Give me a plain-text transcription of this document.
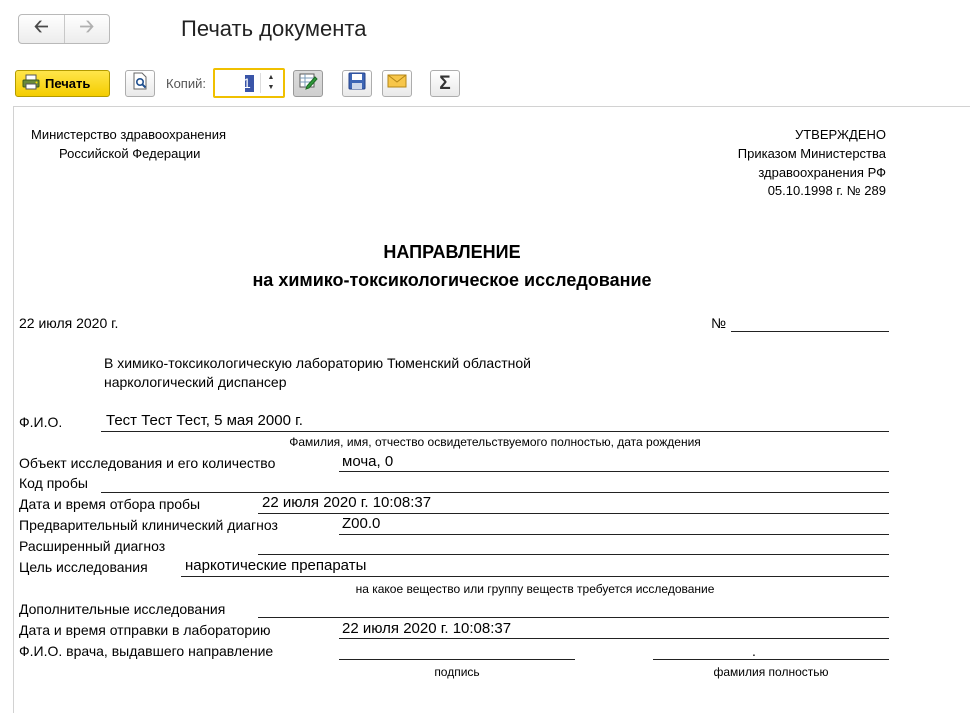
🡠 🡢	Печать документа
Печать	Копий:
1	▲
▼	Σ
Министерство здравоохранения
Российской Федерации
УТВЕРЖДЕНО
Приказом Министерства
здравоохранения РФ
05.10.1998 г. № 289
НАПРАВЛЕНИЕ
на химико-токсикологическое исследование
22 июля 2020 г.	№
В химико-токсикологическую лабораторию Тюменский областной
наркологический диспансер
Ф.И.О.	Тест Тест Тест, 5 мая 2000 г.
Фамилия, имя, отчество освидетельствуемого полностью, дата рождения
Объект исследования и его количество	моча, 0
Код пробы
Дата и время отбора пробы	22 июля 2020 г. 10:08:37
Предварительный клинический диагноз	Z00.0
Расширенный диагноз
Цель исследования наркотические препараты
на какое вещество или группу веществ требуется исследование
Дополнительные исследования
Дата и время отправки в лабораторию	22 июля 2020 г. 10:08:37
Ф.И.О. врача, выдавшего направление	.
подпись	фамилия полностью
